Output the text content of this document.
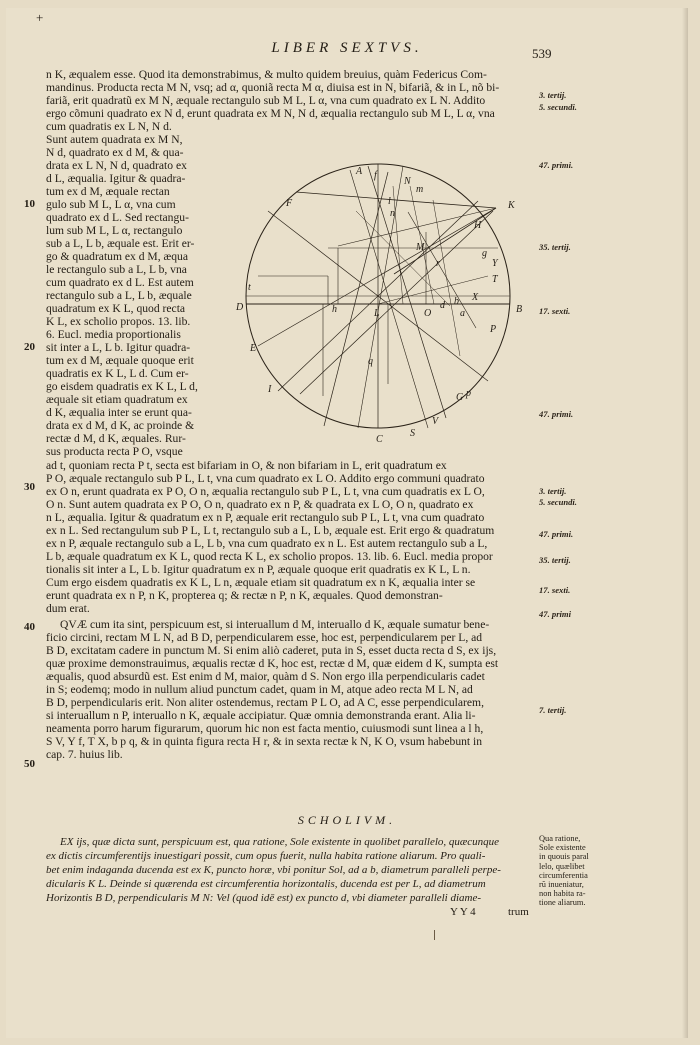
+
LIBER SEXTVS.	539
n K, æqualem esse. Quod ita demonstrabimus, & multo quidem breuius, quàm Federicus Com-
mandinus. Producta recta M N, vsq; ad α, quoniã recta M α, diuisa est in N, bifariã, & in L, nõ bi-
fariã, erit quadratũ ex M N, æquale rectangulo sub M L, L α, vna cum quadrato ex L N. Addito
ergo cõmuni quadrato ex N d, erunt quadrata ex M N, N d, æqualia rectangulo sub M L, L α, vna
cum quadratis ex L N, N d.
Sunt autem quadrata ex M N,
N d, quadrato ex d M, & qua-
drata ex L N, N d, quadrato ex
d L, æqualia. Igitur & quadra-
tum ex d M, æquale rectan
gulo sub M L, L α, vna cum
quadrato ex d L. Sed rectangu-
lum sub M L, L α, rectangulo
sub a L, L b, æquale est. Erit er-
go & quadratum ex d M, æqua
le rectangulo sub a L, L b, vna
cum quadrato ex d L. Est autem
rectangulo sub a L, L b, æquale
quadratum ex K L, quod recta
K L, ex scholio propos. 13. lib.
6. Eucl. media proportionalis
sit inter a L, L b. Igitur quadra-
tum ex d M, æquale quoque erit
quadratis ex K L, L d. Cum er-
go eisdem quadratis ex K L, L d,
æquale sit etiam quadratum ex
d K, æqualia inter se erunt qua-
drata ex d M, d K, ac proinde &
rectæ d M, d K, æquales. Rur-
sus producta recta P O, vsque
ad t, quoniam recta P t, secta est bifariam in O, & non bifariam in L, erit quadratum ex
P O, æquale rectangulo sub P L, L t, vna cum quadrato ex L O. Addito ergo communi quadrato
ex O n, erunt quadrata ex P O, O n, æqualia rectangulo sub P L, L t, vna cum quadratis ex L O,
O n. Sunt autem quadrata ex P O, O n, quadrato ex n P, & quadrata ex L O, O n, quadrato ex
n L, æqualia. Igitur & quadratum ex n P, æquale erit rectangulo sub P L, L t, vna cum quadrato
ex n L. Sed rectangulum sub P L, L t, rectangulo sub a L, L b, æquale est. Erit ergo & quadratum
ex n P, æquale rectangulo sub a L, L b, vna cum quadrato ex n L. Est autem rectangulo sub a L,
L b, æquale quadratum ex K L, quod recta K L, ex scholio propos. 13. lib. 6. Eucl. media propor
tionalis sit inter a L, L b. Igitur quadratum ex n P, æquale quoque erit quadratis ex K L, L n.
Cum ergo eisdem quadratis ex K L, L n, æquale etiam sit quadratum ex n K, æqualia inter se
erunt quadrata ex n P, n K, propterea q; & rectæ n P, n K, æquales. Quod demonstran-
dum erat.
QVÆ cum ita sint, perspicuum est, si interuallum d M, interuallo d K, æquale sumatur bene-
ficio circini, rectam M L N, ad B D, perpendicularem esse, hoc est, perpendicularem per L, ad
B D, excitatam cadere in punctum M. Si enim aliò caderet, puta in S, esset ducta recta d S, ex ijs,
quæ proxime demonstrauimus, æqualis rectæ d K, hoc est, rectæ d M, quæ eidem d K, sumpta est
æqualis, quod absurdũ est. Est enim d M, maior, quàm d S. Non ergo illa perpendicularis cadet
in S; eodemq; modo in nullum aliud punctum cadet, quam in M, atque adeo recta M L N, ad
B D, perpendicularis erit. Non aliter ostendemus, rectam P L O, ad A C, esse perpendicularem,
si interuallum n P, interuallo n K, æquale accipiatur. Quæ omnia demonstranda erant. Alia li-
neamenta porro harum figurarum, quorum hic non est facta mentio, cuiusmodi sunt linea a l h,
S V, Y f, T X, b p q, & in quinta figura recta H r, & in sexta rectæ k N, K O, vsum habebunt in
cap. 7. huius lib.
10
20
30
40
50
3. tertij.
5. secundi.
47. primi.
35. tertij.
17. sexti.
47. primi.
3. tertij.
5. secundi.
47. primi.
35. tertij.
17. sexti.
47. primi
7. tertij.
A f
N
F	K
m
B
H
Y
g
T
t
D	h	L	O
d b
a
X
P
q
I
G
S
C
V
n
r
p
E
M
l
SCHOLIVM.
EX ijs, quæ dicta sunt, perspicuum est, qua ratione, Sole existente in quolibet parallelo, quæcunque
ex dictis circumferentijs inuestigari possit, cum opus fuerit, nulla habita ratione aliarum. Pro quali-
bet enim indaganda ducenda est ex K, puncto horæ, vbi ponitur Sol, ad a b, diametrum paralleli perpe-
dicularis K L. Deinde si quærenda est circumferentia horizontalis, ducenda est per L, ad diametrum
Horizontis B D, perpendicularis M N: Vel (quod idē est) ex puncto d, vbi diameter paralleli diame-
Qua ratione,
Sole existente
in quouis paral
lelo, quælibet
circumferentia
rũ inueniatur,
non habita ra-
tione aliarum.
Y Y 4	trum
